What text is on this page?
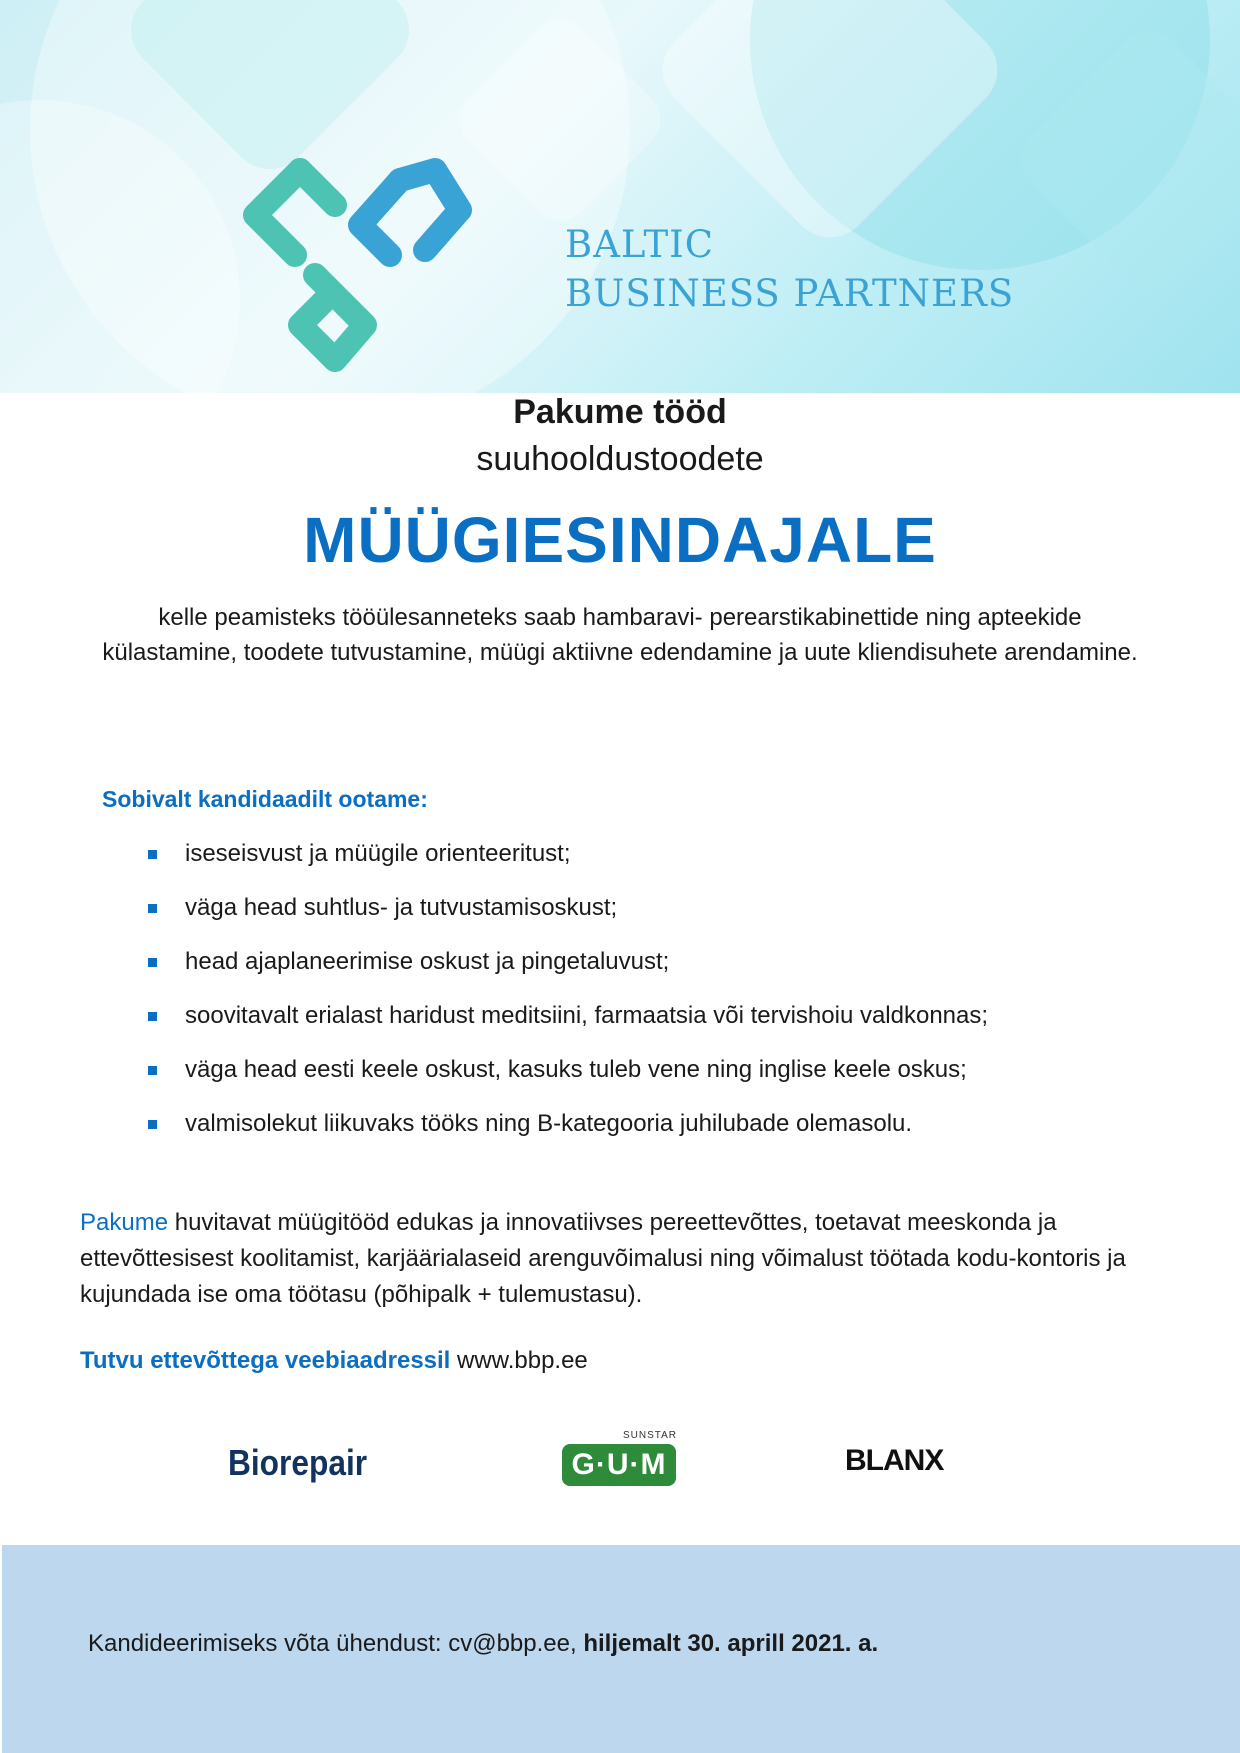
BALTIC
BUSINESS PARTNERS
Pakume tööd
suuhooldustoodete
MÜÜGIESINDAJALE
kelle peamisteks tööülesanneteks saab hambaravi- perearstikabinettide ning apteekide külastamine, toodete tutvustamine, müügi aktiivne edendamine ja uute kliendisuhete arendamine.
Sobivalt kandidaadilt ootame:
iseseisvust ja müügile orienteeritust;
väga head suhtlus- ja tutvustamisoskust;
head ajaplaneerimise oskust ja pingetaluvust;
soovitavalt erialast haridust meditsiini, farmaatsia või tervishoiu valdkonnas;
väga head eesti keele oskust, kasuks tuleb vene ning inglise keele oskus;
valmisolekut liikuvaks tööks ning B-kategooria juhilubade olemasolu.
Pakume huvitavat müügitööd edukas ja innovatiivses pereettevõttes, toetavat meeskonda ja ettevõttesisest koolitamist, karjäärialaseid arenguvõimalusi ning võimalust töötada kodu-kontoris ja kujundada ise oma töötasu (põhipalk + tulemustasu).
Tutvu ettevõttega veebiaadressil www.bbp.ee
Biorepair
SUNSTAR
G·U·M	BLANX
Kandideerimiseks võta ühendust: cv@bbp.ee, hiljemalt 30. aprill 2021. a.
